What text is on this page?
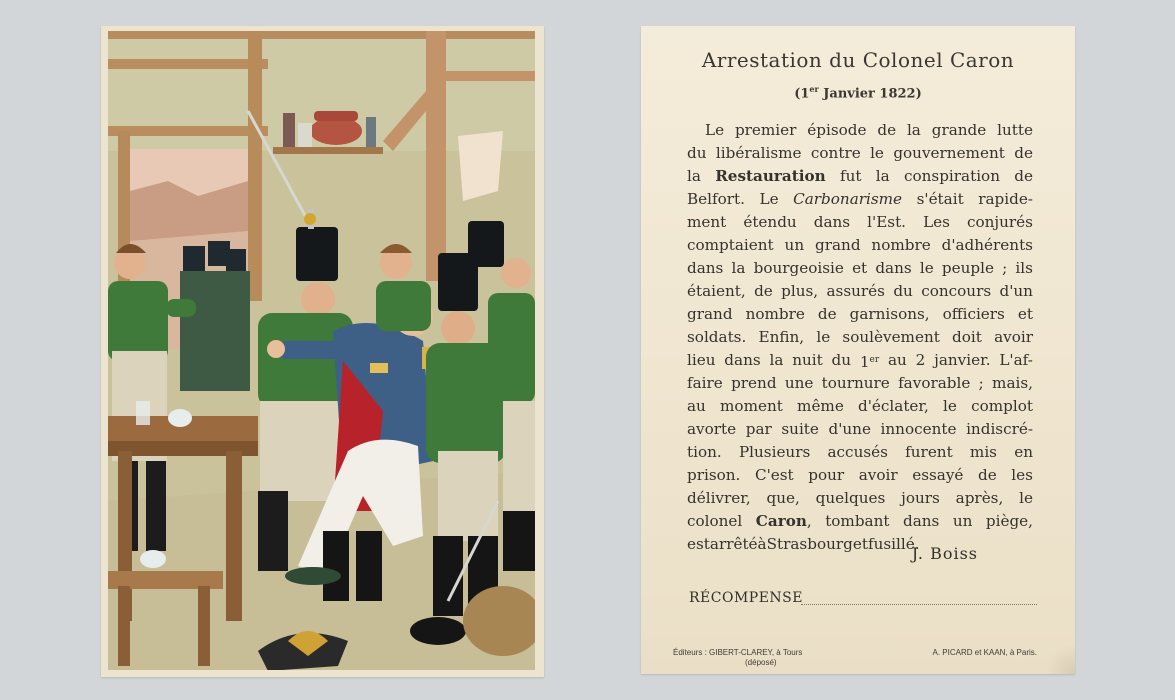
Arrestation du Colonel Caron
(1er Janvier 1822)
Le premier épisode de la grande lutte
du libéralisme contre le gouvernement de
la Restauration fut la conspiration de
Belfort. Le Carbonarisme s'était rapide-
ment étendu dans l'Est. Les conjurés
comptaient un grand nombre d'adhérents
dans la bourgeoisie et dans le peuple ; ils
étaient, de plus, assurés du concours d'un
grand nombre de garnisons, officiers et
soldats. Enfin, le soulèvement doit avoir
lieu dans la nuit du 1er au 2 janvier. L'af-
faire prend une tournure favorable ; mais,
au moment même d'éclater, le complot
avorte par suite d'une innocente indiscré-
tion. Plusieurs accusés furent mis en
prison. C'est pour avoir essayé de les
délivrer, que, quelques jours après, le
colonel Caron, tombant dans un piège,
est arrêté à Strasbourg et fusillé.
J. Boiss
RÉCOMPENSE
Éditeurs : GIBERT-CLAREY, à Tours
(déposé)
A. PICARD et KAAN, à Paris.
